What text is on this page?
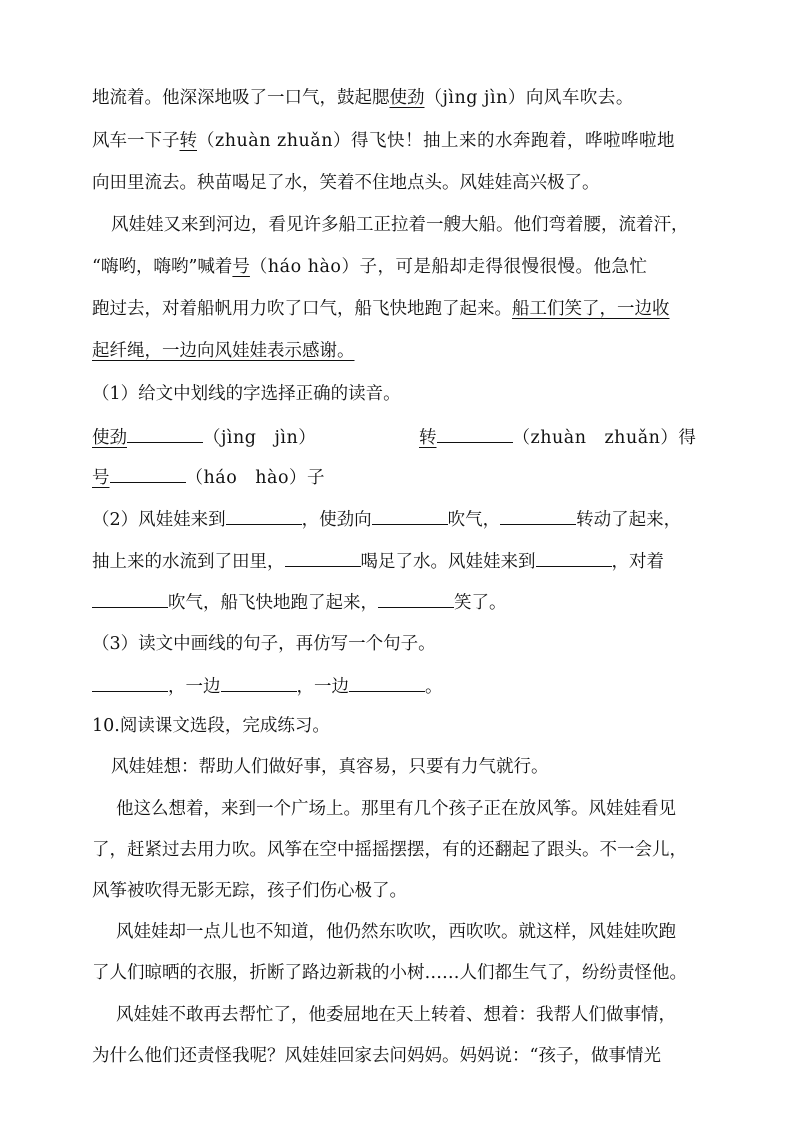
地流着。他深深地吸了一口气，鼓起腮使劲（jìng jìn）向风车吹去。
风车一下子转（zhuàn zhuǎn）得飞快！抽上来的水奔跑着，哗啦哗啦地
向田里流去。秧苗喝足了水，笑着不住地点头。风娃娃高兴极了。
风娃娃又来到河边，看见许多船工正拉着一艘大船。他们弯着腰，流着汗，
“嗨哟，嗨哟”喊着号（háo hào）子，可是船却走得很慢很慢。他急忙
跑过去，对着船帆用力吹了口气，船飞快地跑了起来。船工们笑了，一边收
起纤绳，一边向风娃娃表示感谢。
（1）给文中划线的字选择正确的读音。
使劲	（jìng　jìn）	转	（zhuàn　zhuǎn）得
号	（háo　hào）子
（2）风娃娃来到	，使劲向	吹气，	转动了起来，
抽上来的水流到了田里，	喝足了水。风娃娃来到	，对着
吹气，船飞快地跑了起来，	笑了。
（3）读文中画线的句子，再仿写一个句子。
，一边	，一边	。
10.阅读课文选段，完成练习。
风娃娃想：帮助人们做好事，真容易，只要有力气就行。
他这么想着，来到一个广场上。那里有几个孩子正在放风筝。风娃娃看见
了，赶紧过去用力吹。风筝在空中摇摇摆摆，有的还翻起了跟头。不一会儿，
风筝被吹得无影无踪，孩子们伤心极了。
风娃娃却一点儿也不知道，他仍然东吹吹，西吹吹。就这样，风娃娃吹跑
了人们晾晒的衣服，折断了路边新栽的小树……人们都生气了，纷纷责怪他。
风娃娃不敢再去帮忙了，他委屈地在天上转着、想着：我帮人们做事情，
为什么他们还责怪我呢？风娃娃回家去问妈妈。妈妈说：“孩子，做事情光
